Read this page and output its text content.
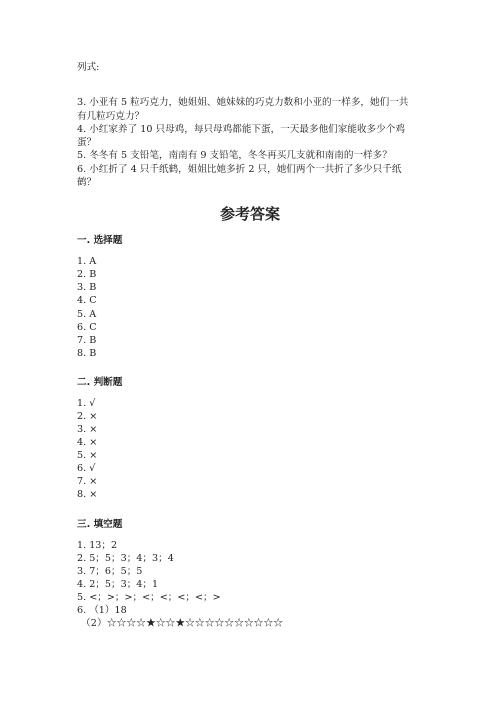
列式:
3. 小亚有 5 粒巧克力，她姐姐、她妹妹的巧克力数和小亚的一样多，她们一共
有几粒巧克力？
4. 小红家养了 10 只母鸡，每只母鸡都能下蛋，一天最多他们家能收多少个鸡
蛋？
5. 冬冬有 5 支铅笔，南南有 9 支铅笔，冬冬再买几支就和南南的一样多？
6. 小红折了 4 只千纸鹤，姐姐比她多折 2 只，她们两个一共折了多少只千纸
鹤？
参考答案
一. 选择题
1. A
2. B
3. B
4. C
5. A
6. C
7. B
8. B
二. 判断题
1. √
2. ×
3. ×
4. ×
5. ×
6. √
7. ×
8. ×
三. 填空题
1. 13；2
2. 5；5；3；4；3；4
3. 7；6；5；5
4. 2；5；3；4；1
5. <；>；>；<；<；<；<；>
6. （1）18
（2）☆☆☆☆★☆☆★☆☆☆☆☆☆☆☆☆☆
